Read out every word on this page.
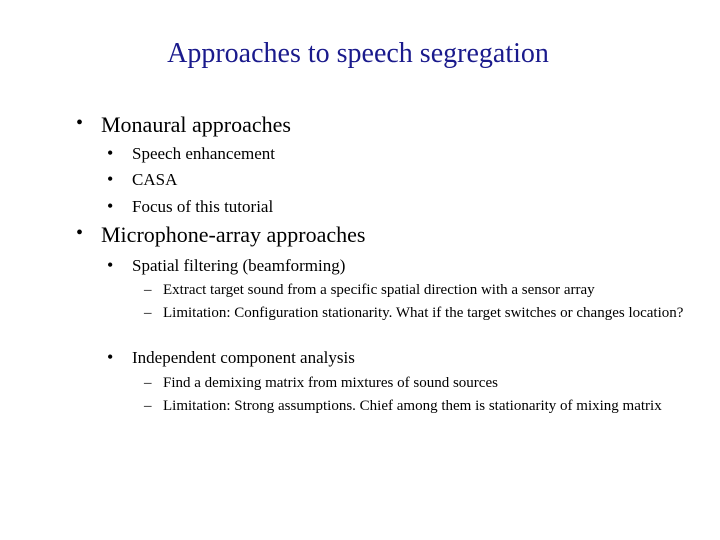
Approaches to speech segregation
• Monaural approaches
• Speech enhancement
• CASA
• Focus of this tutorial
• Microphone-array approaches
• Spatial filtering (beamforming)
– Extract target sound from a specific spatial direction with a sensor array
– Limitation: Configuration stationarity. What if the target switches or changes location?
• Independent component analysis
– Find a demixing matrix from mixtures of sound sources
– Limitation: Strong assumptions. Chief among them is stationarity of mixing matrix
